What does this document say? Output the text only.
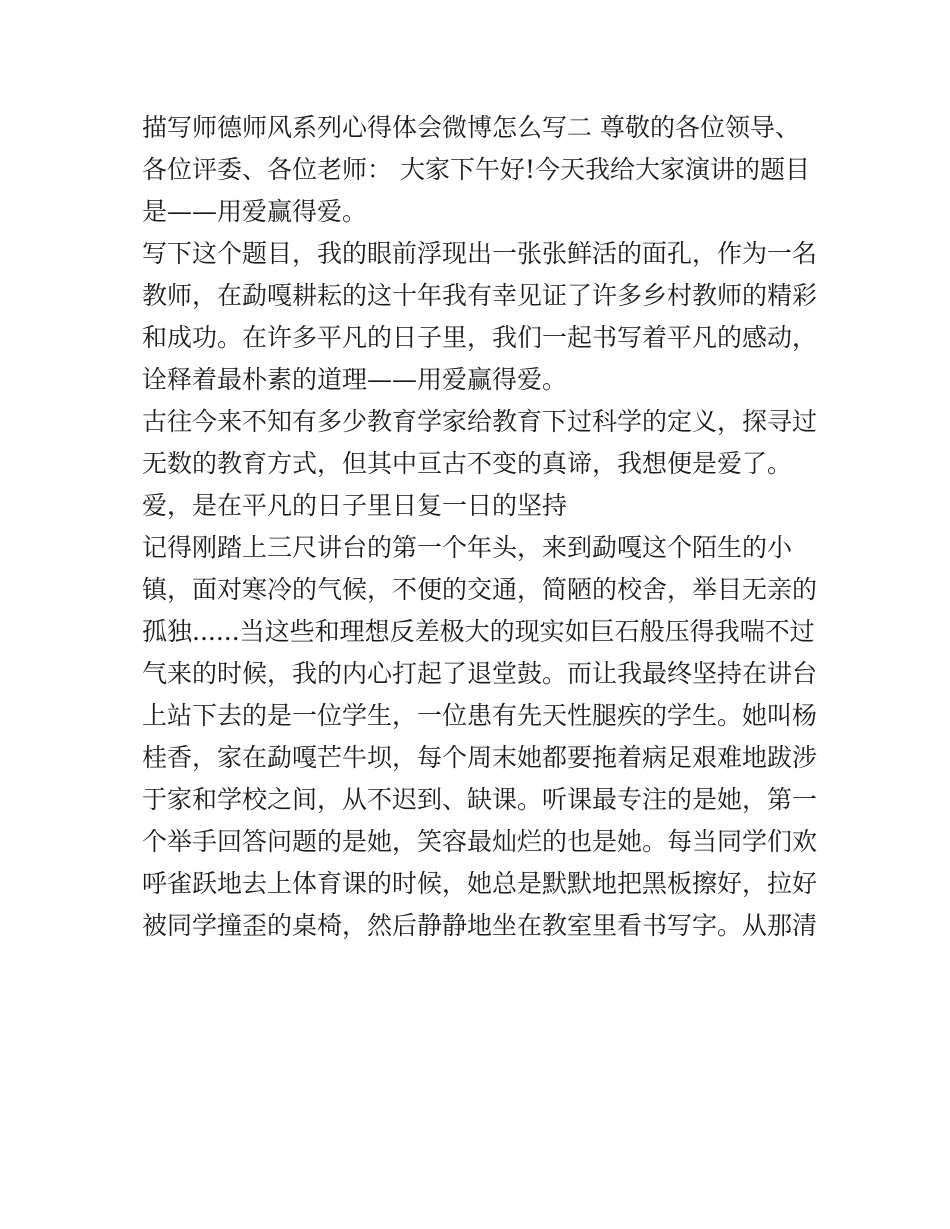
描写师德师风系列心得体会微博怎么写二 尊敬的各位领导、
各位评委、各位老师： 大家下午好!今天我给大家演讲的题目
是——用爱赢得爱。
写下这个题目，我的眼前浮现出一张张鲜活的面孔，作为一名
教师，在勐嘎耕耘的这十年我有幸见证了许多乡村教师的精彩
和成功。在许多平凡的日子里，我们一起书写着平凡的感动，
诠释着最朴素的道理——用爱赢得爱。
古往今来不知有多少教育学家给教育下过科学的定义，探寻过
无数的教育方式，但其中亘古不变的真谛，我想便是爱了。
爱，是在平凡的日子里日复一日的坚持
记得刚踏上三尺讲台的第一个年头，来到勐嘎这个陌生的小
镇，面对寒冷的气候，不便的交通，简陋的校舍，举目无亲的
孤独......当这些和理想反差极大的现实如巨石般压得我喘不过
气来的时候，我的内心打起了退堂鼓。而让我最终坚持在讲台
上站下去的是一位学生，一位患有先天性腿疾的学生。她叫杨
桂香，家在勐嘎芒牛坝，每个周末她都要拖着病足艰难地跋涉
于家和学校之间，从不迟到、缺课。听课最专注的是她，第一
个举手回答问题的是她，笑容最灿烂的也是她。每当同学们欢
呼雀跃地去上体育课的时候，她总是默默地把黑板擦好，拉好
被同学撞歪的桌椅，然后静静地坐在教室里看书写字。从那清
